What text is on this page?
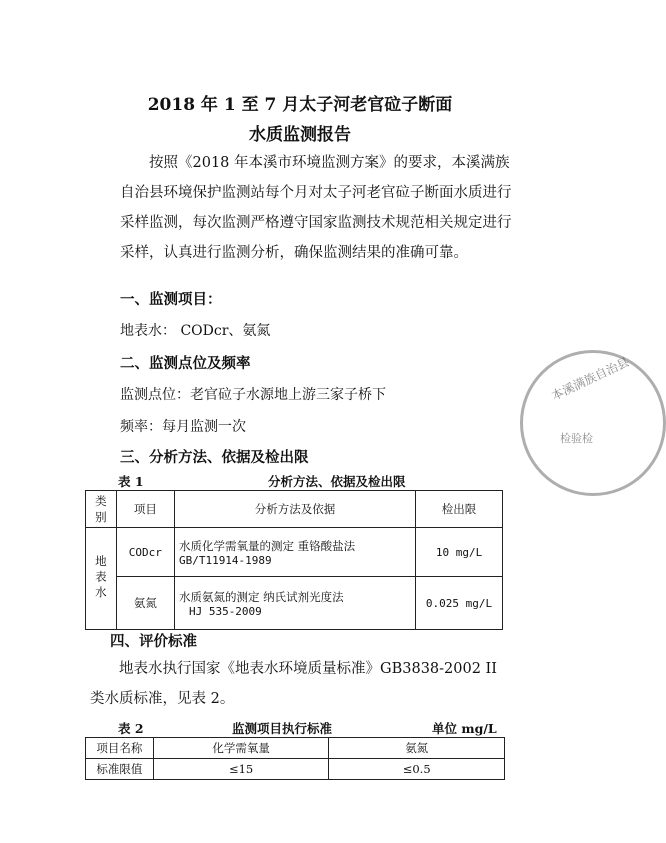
2018 年 1 至 7 月太子河老官砬子断面
水质监测报告
按照《2018 年本溪市环境监测方案》的要求，本溪满族自治县环境保护监测站每个月对太子河老官砬子断面水质进行采样监测，每次监测严格遵守国家监测技术规范相关规定进行采样，认真进行监测分析，确保监测结果的准确可靠。
一、监测项目：
地表水： CODcr、氨氮
二、监测点位及频率
监测点位：老官砬子水源地上游三家子桥下
频率：每月监测一次
三、分析方法、依据及检出限
表 1	分析方法、依据及检出限
类别	项目	分析方法及依据	检出限
地表水	CODcr	水质化学需氧量的测定 重铬酸盐法
GB/T11914-1989	10 mg/L
	氨氮	水质氨氮的测定 纳氏试剂光度法
HJ 535-2009	0.025 mg/L
四、评价标准
地表水执行国家《地表水环境质量标准》GB3838-2002 II 类水质标准，见表 2。
表 2	监测项目执行标准	单位 mg/L
项目名称	化学需氧量	氨氮
标准限值	≤15	≤0.5
本溪满族自治县
检验检
